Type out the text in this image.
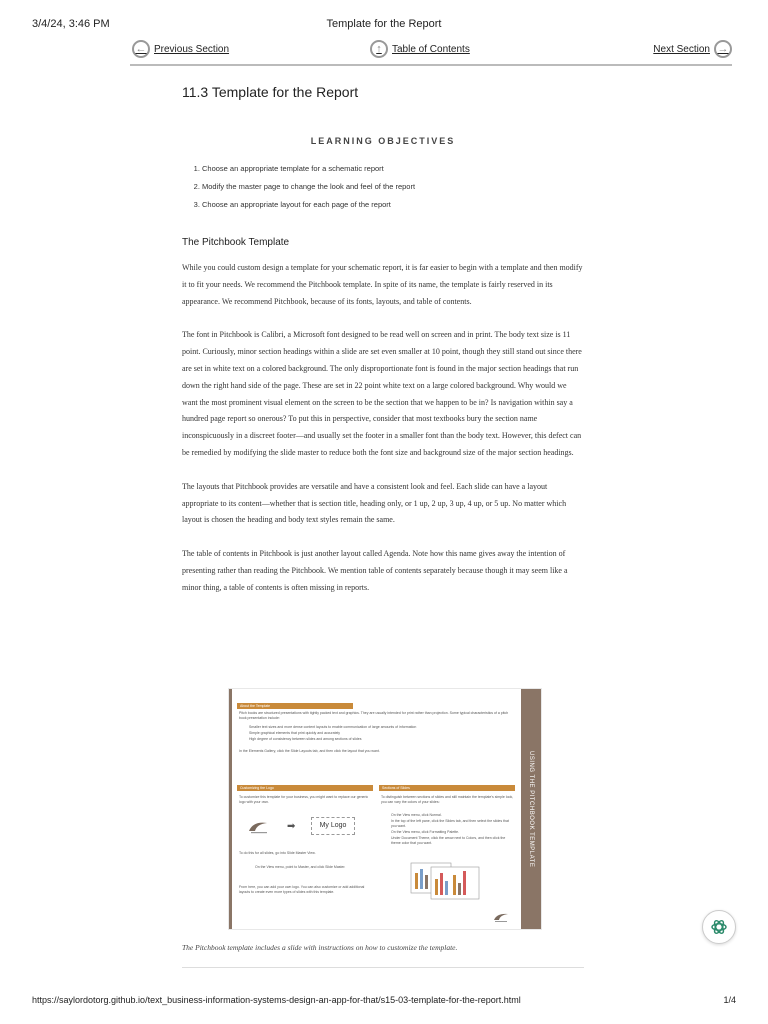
3/4/24, 3:46 PM	Template for the Report
← Previous Section	↑	Table of Contents	Next Section →
11.3 Template for the Report
LEARNING OBJECTIVES
1. Choose an appropriate template for a schematic report
2. Modify the master page to change the look and feel of the report
3. Choose an appropriate layout for each page of the report
The Pitchbook Template

While you could custom design a template for your schematic report, it is far easier to begin with a template and then modify it to fit your needs. We recommend the Pitchbook template. In spite of its name, the template is fairly reserved in its appearance. We recommend Pitchbook, because of its fonts, layouts, and table of contents.

The font in Pitchbook is Calibri, a Microsoft font designed to be read well on screen and in print. The body text size is 11 point. Curiously, minor section headings within a slide are set even smaller at 10 point, though they still stand out since there are set in white text on a colored background. The only disproportionate font is found in the major section headings that run down the right hand side of the page. These are set in 22 point white text on a large colored background. Why would we want the most prominent visual element on the screen to be the section that we happen to be in? Is navigation within say a hundred page report so onerous? To put this in perspective, consider that most textbooks bury the section name inconspicuously in a discreet footer—and usually set the footer in a smaller font than the body text. However, this defect can be remedied by modifying the slide master to reduce both the font size and background size of the major section headings.

The layouts that Pitchbook provides are versatile and have a consistent look and feel. Each slide can have a layout appropriate to its content—whether that is section title, heading only, or 1 up, 2 up, 3 up, 4 up, or 5 up. No matter which layout is chosen the heading and body text styles remain the same.

The table of contents in Pitchbook is just another layout called Agenda. Note how this name gives away the intention of presenting rather than reading the Pitchbook. We mention table of contents separately because though it may seem like a minor thing, a table of contents is often missing in reports.

USING THE PITCHBOOK TEMPLATE
About the Template
Pitch books are structured presentations with tightly packed text and graphics. They are usually intended for print rather than projection. Some typical characteristics of a pitch book presentation include:
Smaller text sizes and more dense content layouts to enable communication of large amounts of information
Simple graphical elements that print quickly and accurately
High degree of consistency between slides and among sections of slides
In the Elements Gallery, click the Slide Layouts tab, and then click the layout that you want.
Customizing the Logo
To customize this template for your business, you might want to replace our generic logo with your own.
➡	My Logo
To do this for all slides, go into Slide Master View.
On the View menu, point to Master, and click Slide Master.
From here, you can add your own logo. You can also customize or add additional layouts to create even more types of slides with this template.
Sections of Slides
To distinguish between sections of slides and still maintain the template's simple look, you can vary the colors of your slides:
On the View menu, click Normal.
In the top of the left pane, click the Slides tab, and then select the slides that you want.
On the View menu, click Formatting Palette.
Under Document Theme, click the arrow next to Colors, and then click the theme color that you want.
The Pitchbook template includes a slide with instructions on how to customize the template.
https://saylordotorg.github.io/text_business-information-systems-design-an-app-for-that/s15-03-template-for-the-report.html	1/4
